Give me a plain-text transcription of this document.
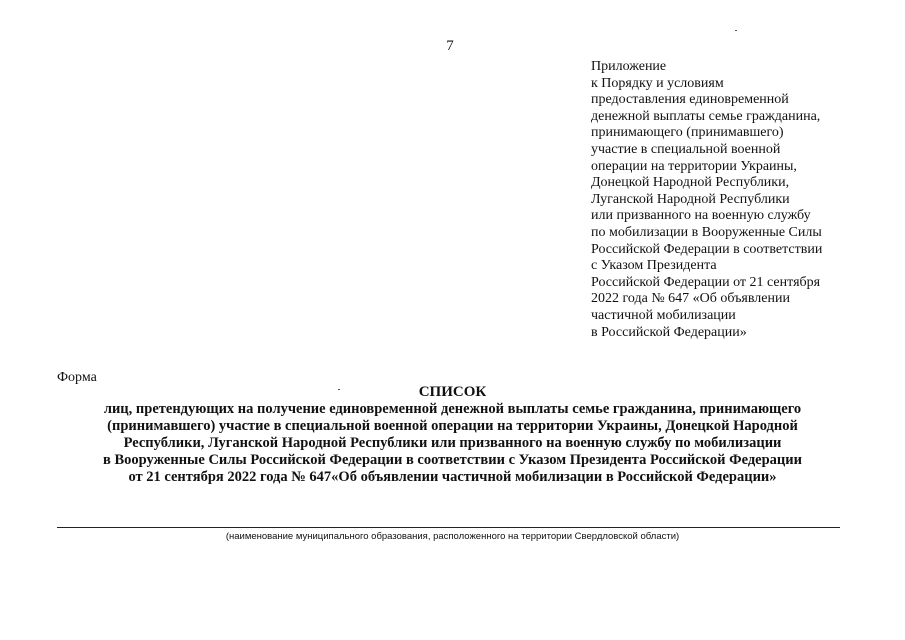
7
Приложение
к Порядку и условиям
предоставления единовременной
денежной выплаты семье гражданина,
принимающего (принимавшего)
участие в специальной военной
операции на территории Украины,
Донецкой Народной Республики,
Луганской Народной Республики
или призванного на военную службу
по мобилизации в Вооруженные Силы
Российской Федерации в соответствии
с Указом Президента
Российской Федерации от 21 сентября
2022 года № 647 «Об объявлении
частичной мобилизации
в Российской Федерации»
Форма
СПИСОК
лиц, претендующих на получение единовременной денежной выплаты семье гражданина, принимающего
(принимавшего) участие в специальной военной операции на территории Украины, Донецкой Народной
Республики, Луганской Народной Республики или призванного на военную службу по мобилизации
в Вооруженные Силы Российской Федерации в соответствии с Указом Президента Российской Федерации
от 21 сентября 2022 года № 647«Об объявлении частичной мобилизации в Российской Федерации»
(наименование муниципального образования, расположенного на территории Свердловской области)
